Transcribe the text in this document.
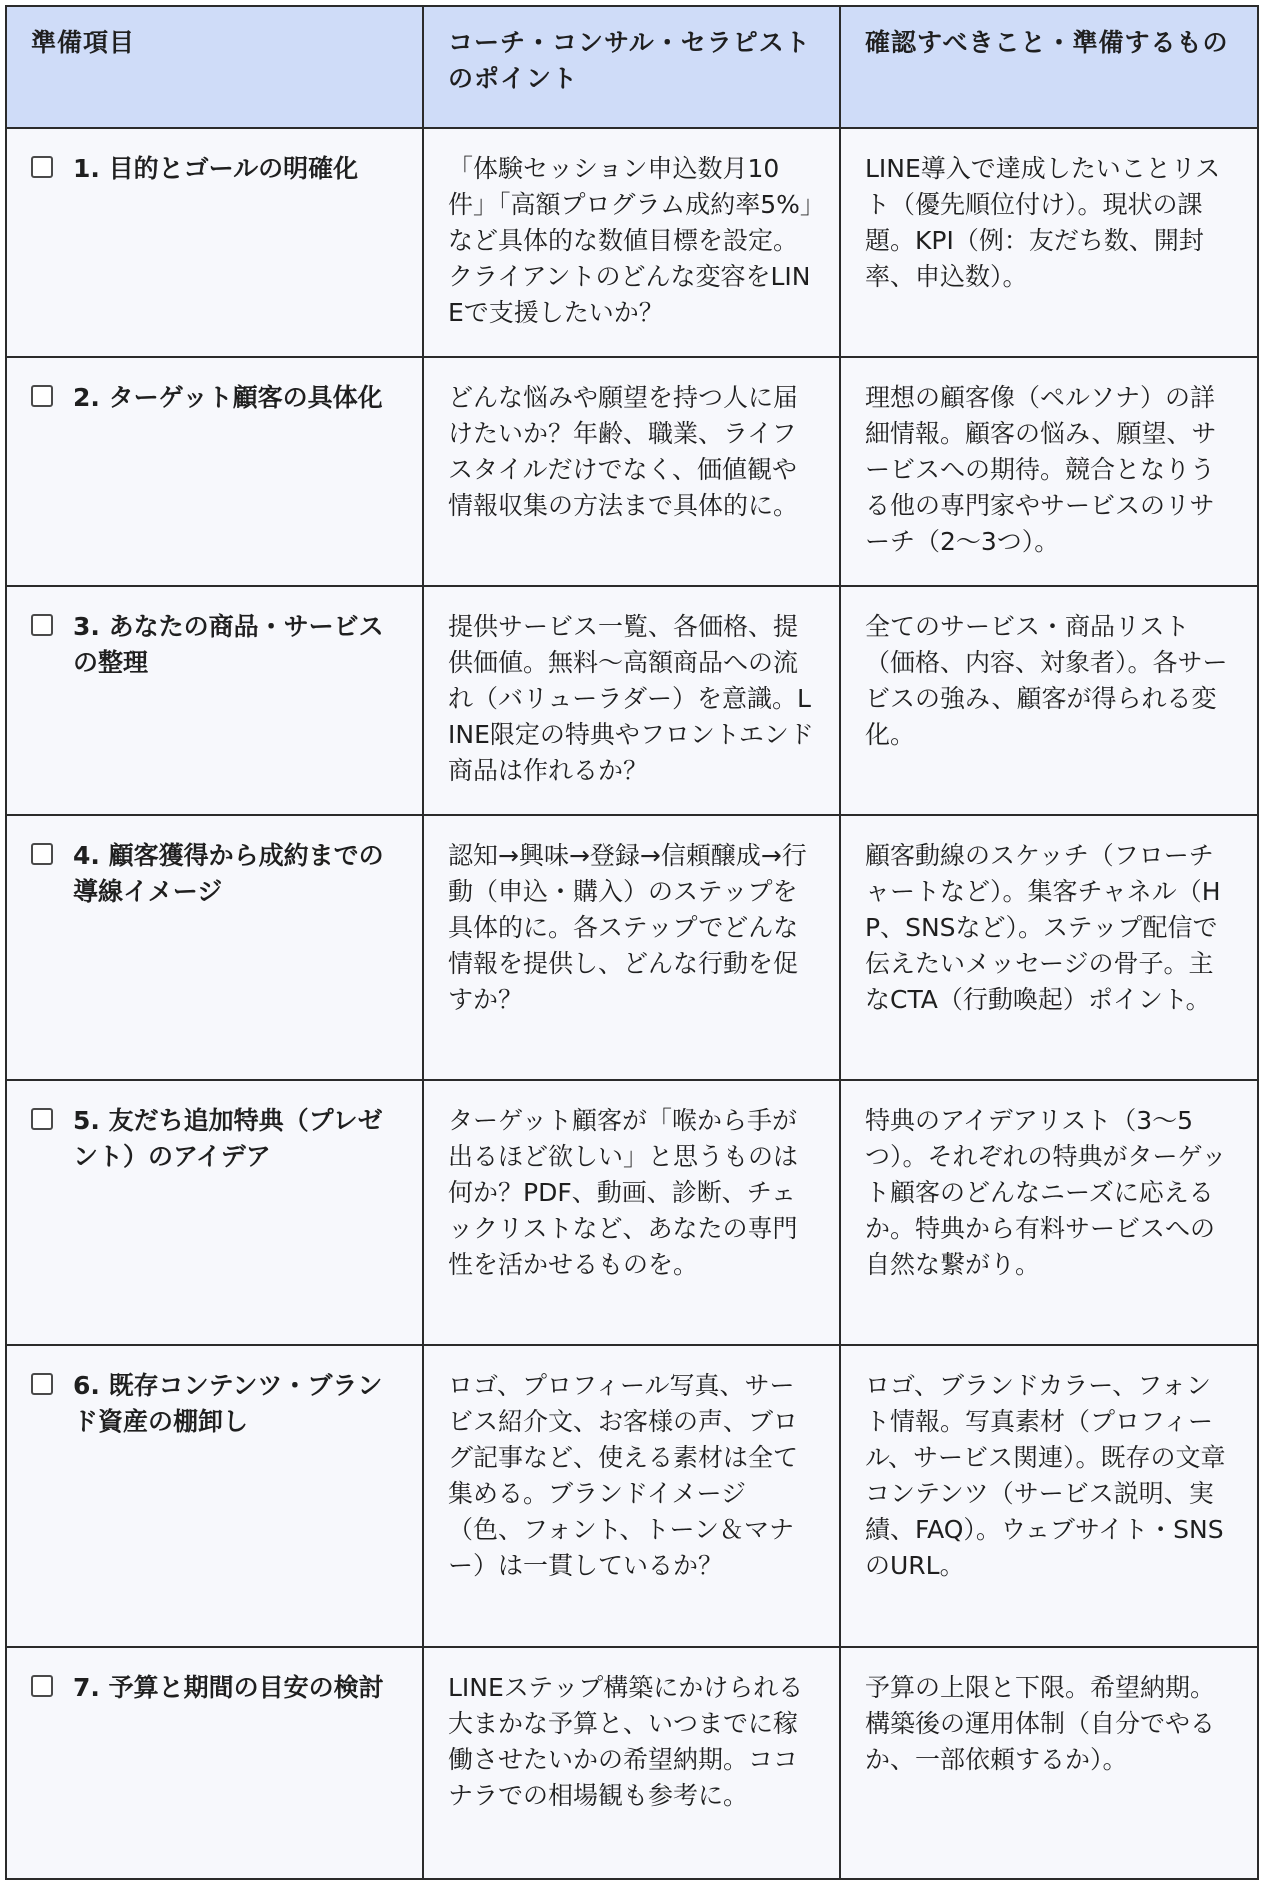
準備項目	コーチ・コンサル・セラピストのポイント	確認すべきこと・準備するもの

1. 目的とゴールの明確化	「体験セッション申込数月10件」「高額プログラム成約率5%」など具体的な数値目標を設定。クライアントのどんな変容をLINEで支援したいか？	LINE導入で達成したいことリスト（優先順位付け）。現状の課題。KPI（例：友だち数、開封率、申込数）。

2. ターゲット顧客の具体化	どんな悩みや願望を持つ人に届けたいか？年齢、職業、ライフスタイルだけでなく、価値観や情報収集の方法まで具体的に。	理想の顧客像（ペルソナ）の詳細情報。顧客の悩み、願望、サービスへの期待。競合となりうる他の専門家やサービスのリサーチ（2〜3つ）。

3. あなたの商品・サービスの整理	提供サービス一覧、各価格、提供価値。無料〜高額商品への流れ（バリューラダー）を意識。LINE限定の特典やフロントエンド商品は作れるか？	全てのサービス・商品リスト（価格、内容、対象者）。各サービスの強み、顧客が得られる変化。

4. 顧客獲得から成約までの導線イメージ	認知→興味→登録→信頼醸成→行動（申込・購入）のステップを具体的に。各ステップでどんな情報を提供し、どんな行動を促すか？	顧客動線のスケッチ（フローチャートなど）。集客チャネル（HP、SNSなど）。ステップ配信で伝えたいメッセージの骨子。主なCTA（行動喚起）ポイント。

5. 友だち追加特典（プレゼント）のアイデア	ターゲット顧客が「喉から手が出るほど欲しい」と思うものは何か？PDF、動画、診断、チェックリストなど、あなたの専門性を活かせるものを。	特典のアイデアリスト（3〜5つ）。それぞれの特典がターゲット顧客のどんなニーズに応えるか。特典から有料サービスへの自然な繋がり。

6. 既存コンテンツ・ブランド資産の棚卸し	ロゴ、プロフィール写真、サービス紹介文、お客様の声、ブログ記事など、使える素材は全て集める。ブランドイメージ（色、フォント、トーン＆マナー）は一貫しているか？	ロゴ、ブランドカラー、フォント情報。写真素材（プロフィール、サービス関連）。既存の文章コンテンツ（サービス説明、実績、FAQ）。ウェブサイト・SNSのURL。

7. 予算と期間の目安の検討	LINEステップ構築にかけられる大まかな予算と、いつまでに稼働させたいかの希望納期。ココナラでの相場観も参考に。	予算の上限と下限。希望納期。構築後の運用体制（自分でやるか、一部依頼するか）。
